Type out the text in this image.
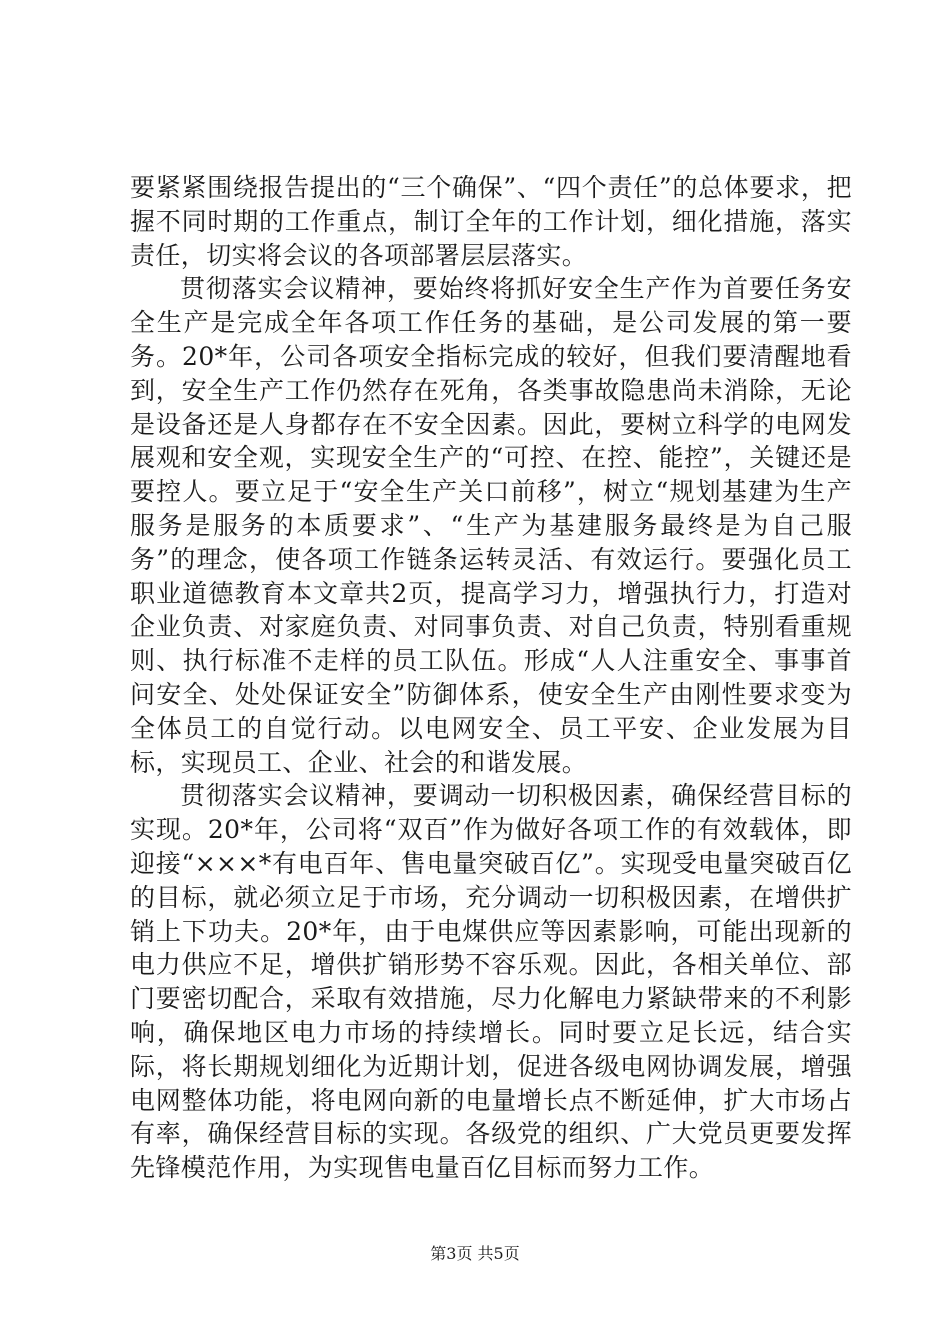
要紧紧围绕报告提出的“三个确保”、“四个责任”的总体要求，把握不同时期的工作重点，制订全年的工作计划，细化措施，落实责任，切实将会议的各项部署层层落实。

贯彻落实会议精神，要始终将抓好安全生产作为首要任务安全生产是完成全年各项工作任务的基础，是公司发展的第一要务。20*年，公司各项安全指标完成的较好，但我们要清醒地看到，安全生产工作仍然存在死角，各类事故隐患尚未消除，无论是设备还是人身都存在不安全因素。因此，要树立科学的电网发展观和安全观，实现安全生产的“可控、在控、能控”，关键还是要控人。要立足于“安全生产关口前移”，树立“规划基建为生产服务是服务的本质要求”、“生产为基建服务最终是为自己服务”的理念，使各项工作链条运转灵活、有效运行。要强化员工职业道德教育本文章共2页，提高学习力，增强执行力，打造对企业负责、对家庭负责、对同事负责、对自己负责，特别看重规则、执行标准不走样的员工队伍。形成“人人注重安全、事事首问安全、处处保证安全”防御体系，使安全生产由刚性要求变为全体员工的自觉行动。以电网安全、员工平安、企业发展为目标，实现员工、企业、社会的和谐发展。

贯彻落实会议精神，要调动一切积极因素，确保经营目标的实现。20*年，公司将“双百”作为做好各项工作的有效载体，即迎接“×××*有电百年、售电量突破百亿”。实现受电量突破百亿的目标，就必须立足于市场，充分调动一切积极因素，在增供扩销上下功夫。20*年，由于电煤供应等因素影响，可能出现新的电力供应不足，增供扩销形势不容乐观。因此，各相关单位、部门要密切配合，采取有效措施，尽力化解电力紧缺带来的不利影响，确保地区电力市场的持续增长。同时要立足长远，结合实际，将长期规划细化为近期计划，促进各级电网协调发展，增强电网整体功能，将电网向新的电量增长点不断延伸，扩大市场占有率，确保经营目标的实现。各级党的组织、广大党员更要发挥先锋模范作用，为实现售电量百亿目标而努力工作。

第3页 共5页
